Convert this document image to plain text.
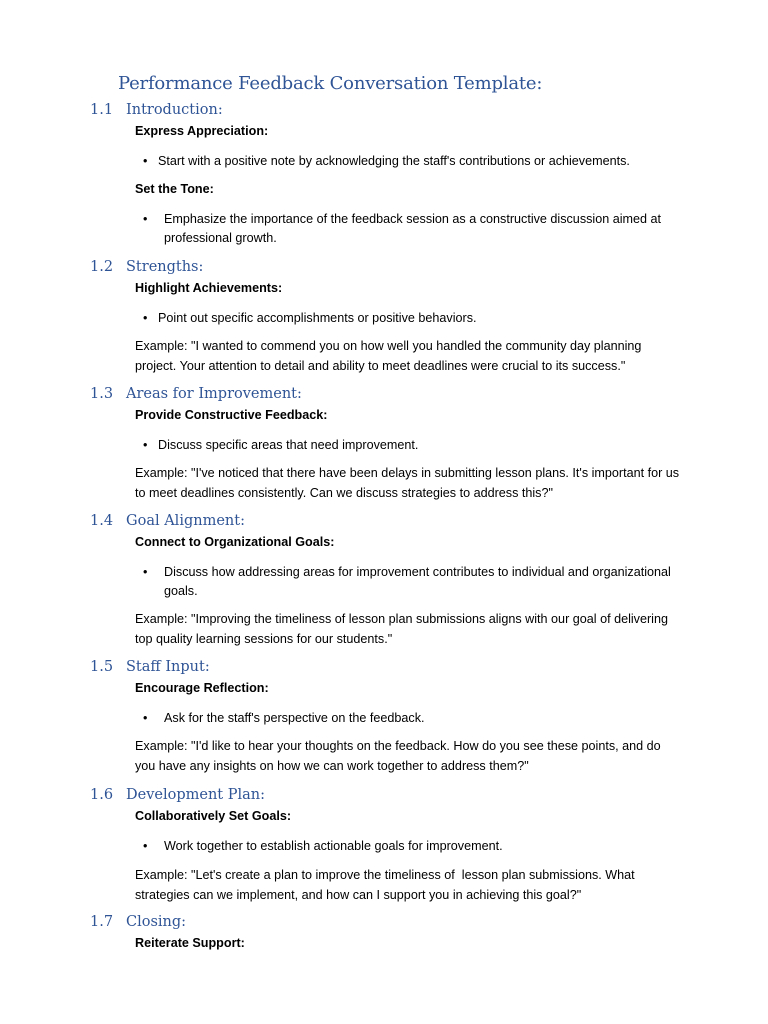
Performance Feedback Conversation Template:
1.1 Introduction:
Express Appreciation:
• Start with a positive note by acknowledging the staff's contributions or achievements.
Set the Tone:
•	Emphasize the importance of the feedback session as a constructive discussion aimed at professional growth.
1.2 Strengths:
Highlight Achievements:
• Point out specific accomplishments or positive behaviors.
Example: "I wanted to commend you on how well you handled the community day planning project. Your attention to detail and ability to meet deadlines were crucial to its success."
1.3 Areas for Improvement:
Provide Constructive Feedback:
• Discuss specific areas that need improvement.
Example: "I've noticed that there have been delays in submitting lesson plans. It's important for us to meet deadlines consistently. Can we discuss strategies to address this?"
1.4 Goal Alignment:
Connect to Organizational Goals:
•	Discuss how addressing areas for improvement contributes to individual and organizational goals.
Example: "Improving the timeliness of lesson plan submissions aligns with our goal of delivering top quality learning sessions for our students."
1.5 Staff Input:
Encourage Reflection:
•	Ask for the staff's perspective on the feedback.
Example: "I'd like to hear your thoughts on the feedback. How do you see these points, and do you have any insights on how we can work together to address them?"
1.6 Development Plan:
Collaboratively Set Goals:
•	Work together to establish actionable goals for improvement.
Example: "Let's create a plan to improve the timeliness of  lesson plan submissions. What strategies can we implement, and how can I support you in achieving this goal?"
1.7 Closing:
Reiterate Support:
